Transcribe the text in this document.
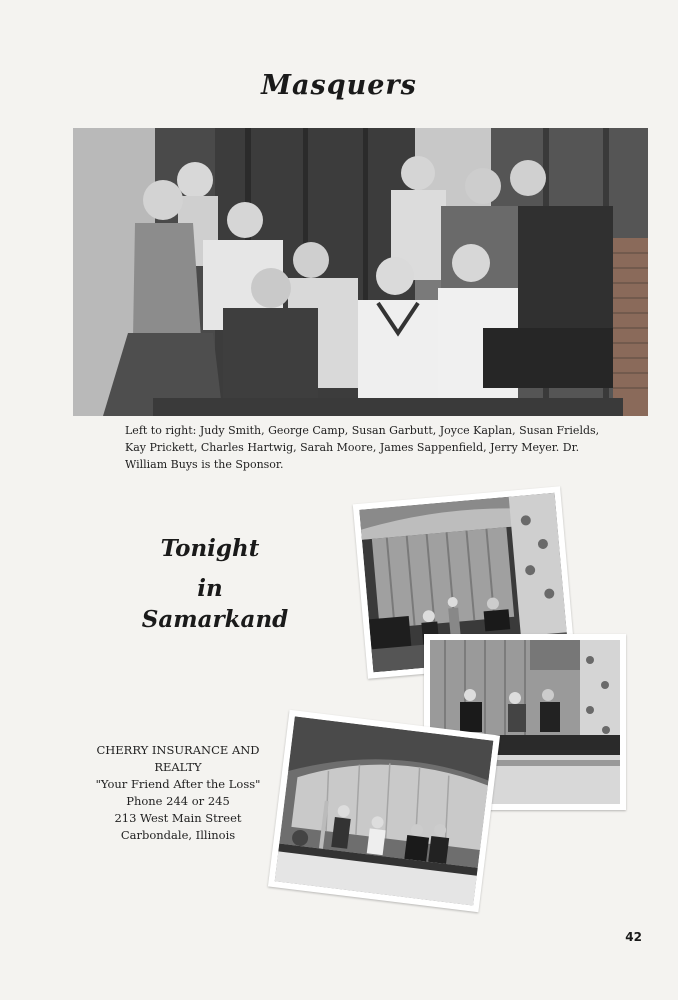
Masquers
Left to right: Judy Smith, George Camp, Susan Garbutt, Joyce Kaplan, Susan Frields, Kay Prickett, Charles Hartwig, Sarah Moore, James Sappenfield, Jerry Meyer. Dr. William Buys is the Sponsor.
Tonight
in
Samarkand
CHERRY INSURANCE AND REALTY
"Your Friend After the Loss"
Phone 244 or 245
213 West Main Street
Carbondale, Illinois
42
